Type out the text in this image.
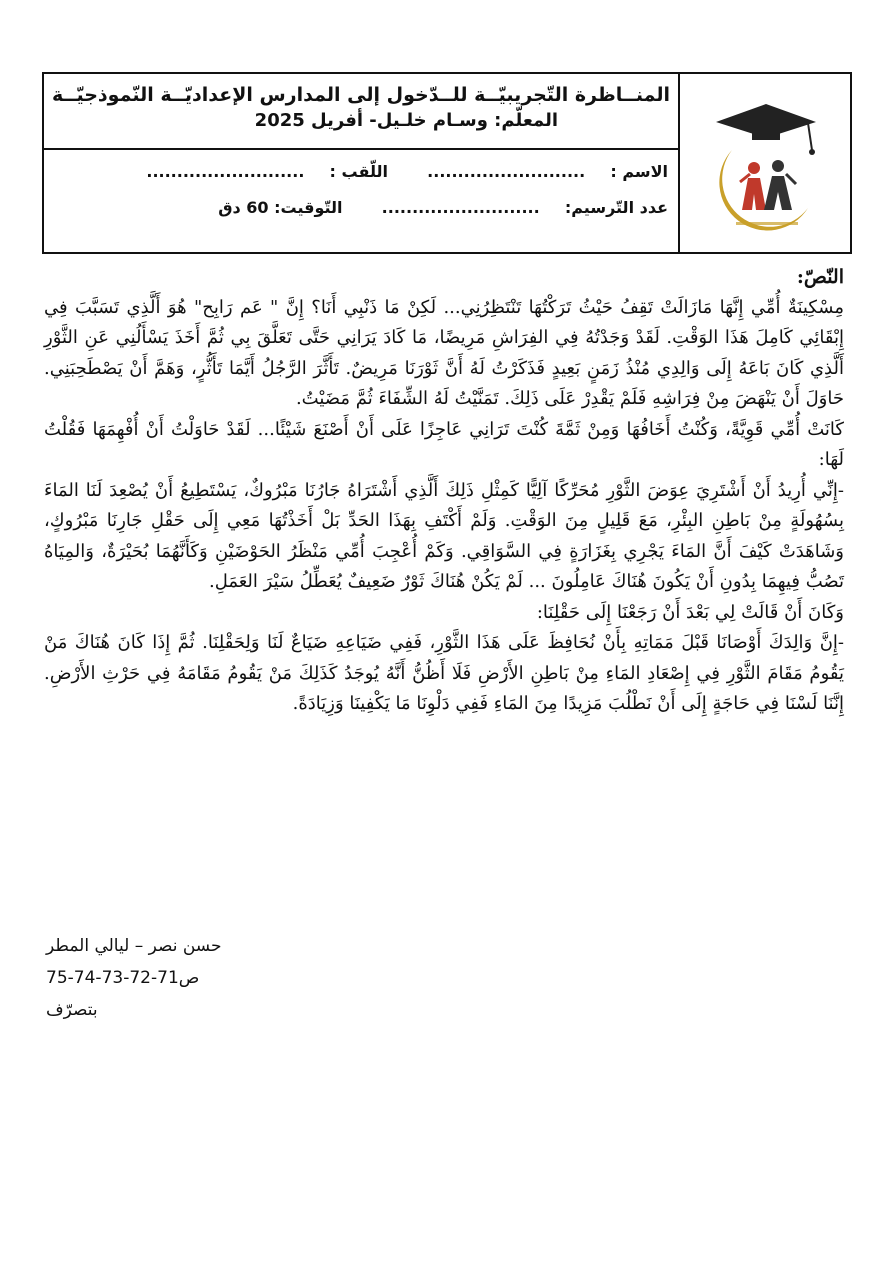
المنــاظرة التّجريبيّــة للــدّخول إلى المدارس الإعداديّــة النّموذجيّــة
المعلّم: وسـام خلـيل- أفريل 2025
الاسم :  ..........................  اللّقب :  ..........................
عدد التّرسيم:  ..........................  التّوقيت: 60 دق

النّصّ:

مِسْكِينَةٌ أُمِّي إِنَّهَا مَازَالَتْ تَقِفُ حَيْثُ تَرَكْتُهَا تَنْتَظِرُنِي... لَكِنْ مَا ذَنْبِي أَنَا؟ إِنَّ " عَم رَابِح" هُوَ أَلَّذِي تَسَبَّبَ فِي إِبْقَائِي كَامِلَ هَذَا الوَقْتِ. لَقَدْ وَجَدْتُهُ فِي الفِرَاشِ مَرِيضًا، مَا كَادَ يَرَانِي حَتَّى تَعَلَّقَ بِي ثُمَّ أَخَذَ يَسْأَلُنِي عَنِ الثَّوْرِ أَلَّذِي كَانَ بَاعَهُ إِلَى وَالِدِي مُنْذُ زَمَنٍ بَعِيدٍ فَذَكَرْتُ لَهُ أَنَّ ثَوْرَنَا مَرِيضٌ. تَأَثَّرَ الرَّجُلُ أَيَّمَا تَأَثُّرٍ، وَهَمَّ أَنْ يَصْطَحِبَنِي. حَاوَلَ أَنْ يَنْهَضَ مِنْ فِرَاشِهِ فَلَمْ يَقْدِرْ عَلَى ذَلِكَ. تَمَنَّيْتُ لَهُ الشِّفَاءَ ثُمَّ مَضَيْتُ.

كَانَتْ أُمِّي قَوِيَّةً، وَكُنْتُ أَخَافُهَا وَمِنْ ثَمَّةَ كُنْتَ تَرَانِي عَاجِزًا عَلَى أَنْ أَصْنَعَ شَيْئًا... لَقَدْ حَاوَلْتُ أَنْ أُفْهِمَهَا فَقُلْتُ لَهَا:

-إِنِّي أُرِيدُ أَنْ أَشْتَرِيَ عِوَضَ الثَّوْرِ مُحَرِّكًا آلِيًّا كَمِثْلِ ذَلِكَ أَلَّذِي أَشْتَرَاهُ جَارُنَا مَبْرُوكٌ، يَسْتَطِيعُ أَنْ يُصْعِدَ لَنَا المَاءَ بِسُهُولَةٍ مِنْ بَاطِنِ البِئْرِ، مَعَ قَلِيلٍ مِنَ الوَقْتِ. وَلَمْ أَكْتَفِ بِهَذَا الحَدِّ بَلْ أَخَذْتُهَا مَعِي إِلَى حَقْلِ جَارِنَا مَبْرُوكٍ، وَشَاهَدَتْ كَيْفَ أَنَّ المَاءَ يَجْرِي بِغَزَارَةٍ فِي السَّوَاقِي. وَكَمْ أُعْجِبَ أُمِّي مَنْظَرُ الحَوْضَيْنِ وَكَأَنَّهُمَا بُحَيْرَةٌ، وَالمِيَاهُ تَصُبُّ فِيهِمَا بِدُونِ أَنْ يَكُونَ هُنَاكَ عَامِلُونَ ... لَمْ يَكُنْ هُنَاكَ ثَوْرٌ ضَعِيفٌ يُعَطِّلُ سَيْرَ العَمَلِ.

وَكَانَ أَنْ قَالَتْ لِي بَعْدَ أَنْ رَجَعْنَا إِلَى حَقْلِنَا:

-إِنَّ وَالِدَكَ أَوْصَانَا قَبْلَ مَمَاتِهِ بِأَنْ نُحَافِظَ عَلَى هَذَا الثَّوْرِ، فَفِي ضَيَاعِهِ ضَيَاعٌ لَنَا وَلِحَقْلِنَا. ثُمَّ إِذَا كَانَ هُنَاكَ مَنْ يَقُومُ مَقَامَ الثَّوْرِ فِي إِصْعَادِ المَاءِ مِنْ بَاطِنِ الأَرْضِ فَلَا أَظُنُّ أَنَّهُ يُوجَدُ كَذَلِكَ مَنْ يَقُومُ مَقَامَهُ فِي حَرْثِ الأَرْضِ. إِنَّنَا لَسْنَا فِي حَاجَةٍ إِلَى أَنْ نَطْلُبَ مَزِيدًا مِنَ المَاءِ فَفِي دَلْوِنَا مَا يَكْفِينَا وَزِيَادَةً.

حسن نصر – ليالي المطر
ص71-72-73-74-75
بتصرّف
